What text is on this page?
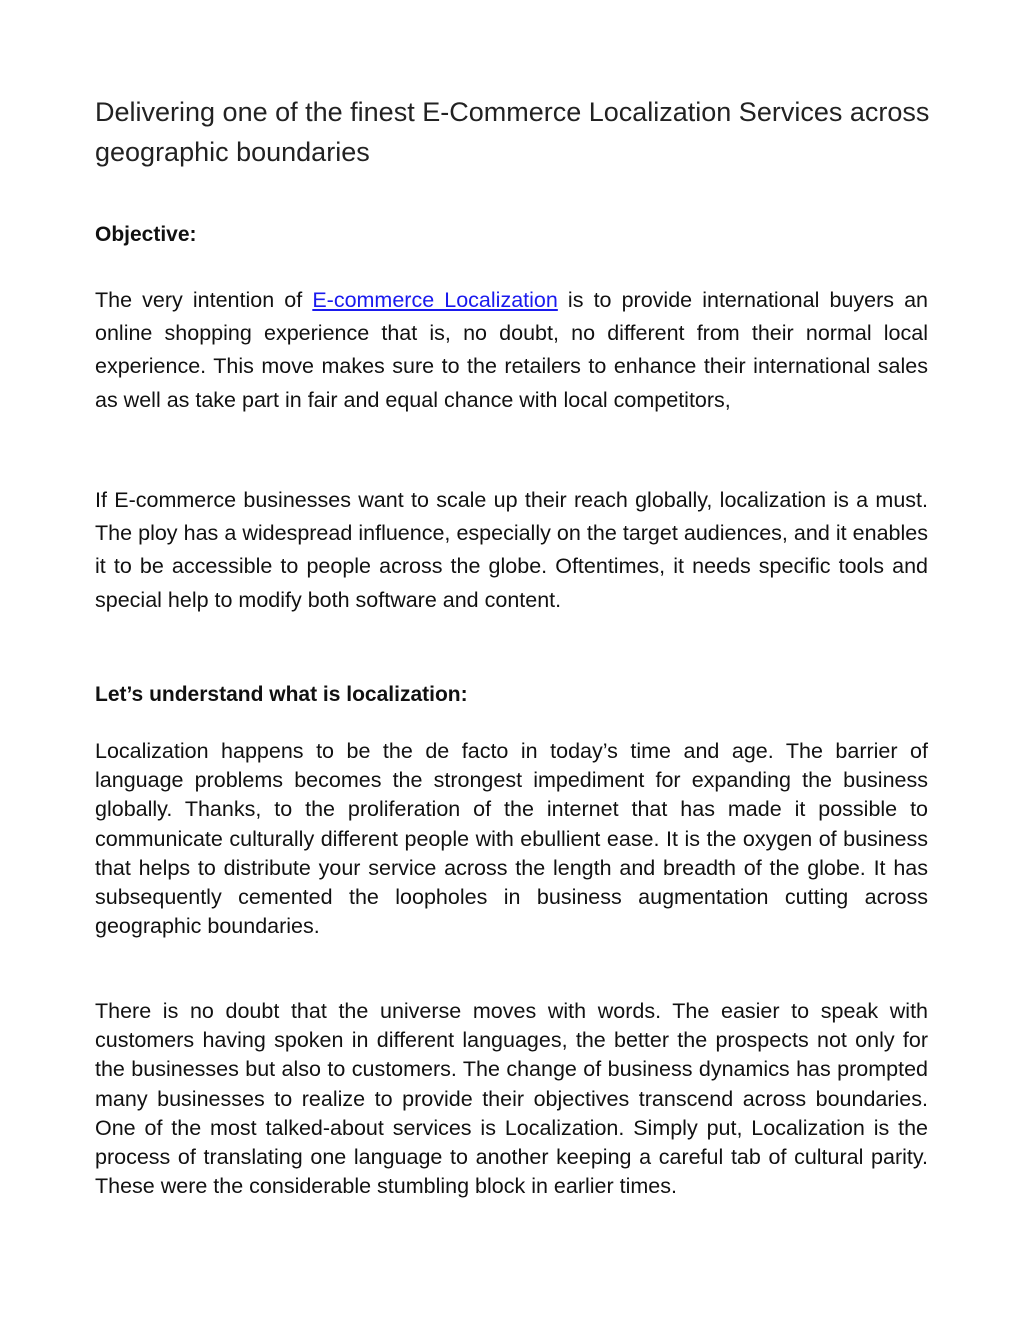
Delivering one of the finest E-Commerce Localization Services across geographic boundaries
Objective:

The very intention of E-commerce Localization is to provide international buyers an online shopping experience that is, no doubt, no different from their normal local experience. This move makes sure to the retailers to enhance their international sales as well as take part in fair and equal chance with local competitors,

If E-commerce businesses want to scale up their reach globally, localization is a must. The ploy has a widespread influence, especially on the target audiences, and it enables it to be accessible to people across the globe. Oftentimes, it needs specific tools and special help to modify both software and content.

Let’s understand what is localization:

Localization happens to be the de facto in today’s time and age. The barrier of language problems becomes the strongest impediment for expanding the business globally. Thanks, to the proliferation of the internet that has made it possible to communicate culturally different people with ebullient ease. It is the oxygen of business that helps to distribute your service across the length and breadth of the globe. It has subsequently cemented the loopholes in business augmentation cutting across geographic boundaries.

There is no doubt that the universe moves with words. The easier to speak with customers having spoken in different languages, the better the prospects not only for the businesses but also to customers. The change of business dynamics has prompted many businesses to realize to provide their objectives transcend across boundaries. One of the most talked-about services is Localization. Simply put, Localization is the process of translating one language to another keeping a careful tab of cultural parity. These were the considerable stumbling block in earlier times.
